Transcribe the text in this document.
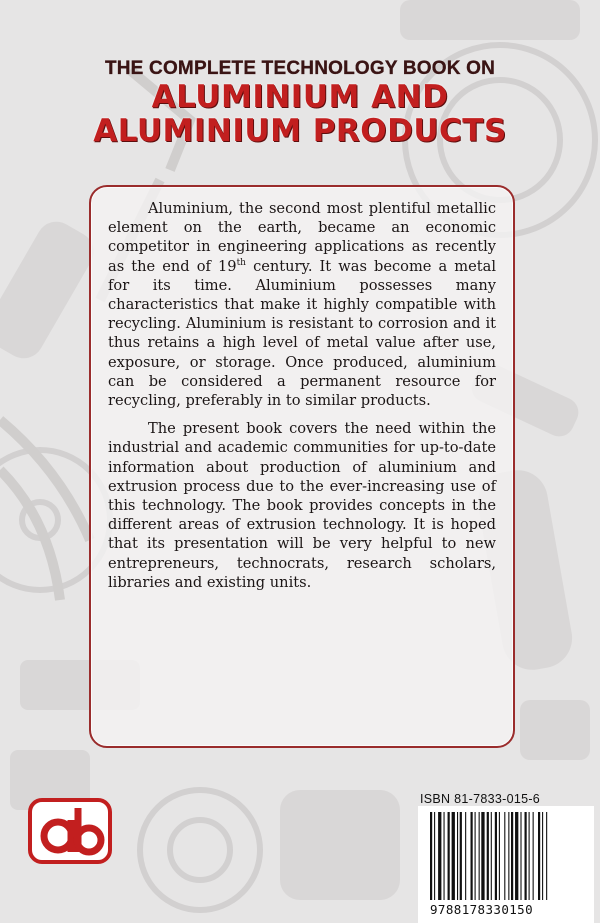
THE COMPLETE TECHNOLOGY BOOK ON

ALUMINIUM AND

ALUMINIUM PRODUCTS

Aluminium, the second most plentiful metallic element on the earth, became an economic competitor in engineering applications as recently as the end of 19th century. It was become a metal for its time. Aluminium possesses many characteristics that make it highly compatible with recycling. Aluminium is resistant to corrosion and it thus retains a high level of metal value after use, exposure, or storage. Once produced, aluminium can be considered a permanent resource for recycling, preferably in to similar products.

The present book covers the need within the industrial and academic communities for up-to-date information about production of aluminium and extrusion process due to the ever-increasing use of this technology. The book provides concepts in the different areas of extrusion technology. It is hoped that its presentation will be very helpful to new entrepreneurs, technocrats, research scholars, libraries and existing units.

ISBN 81-7833-015-6
9788178330150
